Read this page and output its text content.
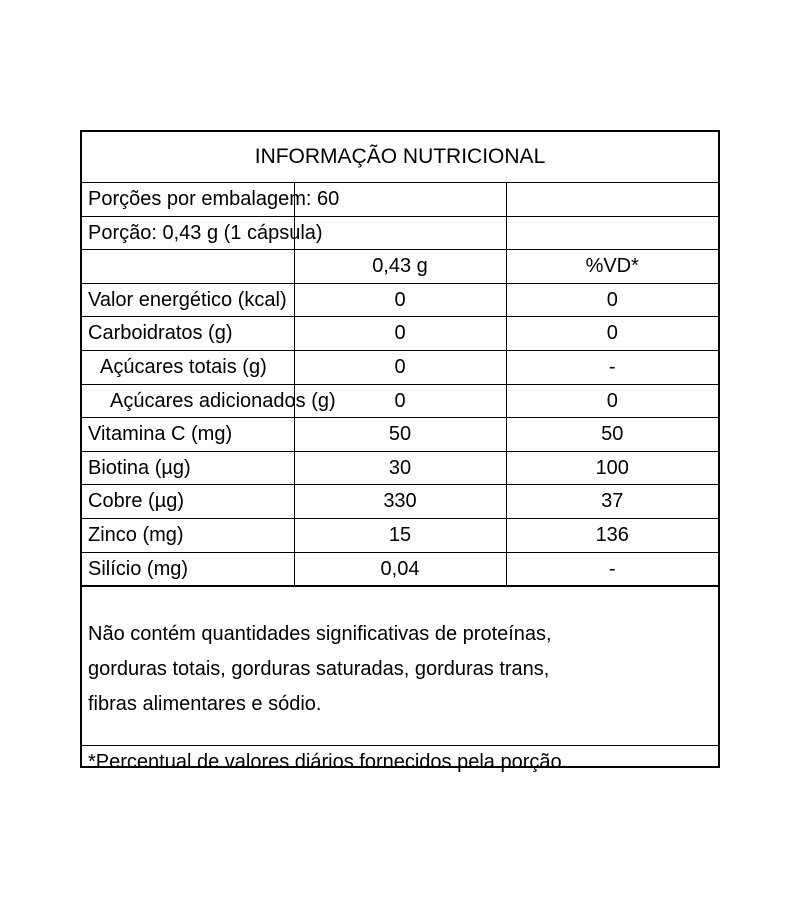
INFORMAÇÃO NUTRICIONAL		
Porções por embalagem: 60		
Porção: 0,43 g (1 cápsula)		
	0,43 g	%VD*
Valor energético (kcal)	0	0
Carboidratos (g)	0	0
Açúcares totais (g)	0	-
Açúcares adicionados (g)	0	0
Vitamina C (mg)	50	50
Biotina (µg)	30	100
Cobre (µg)	330	37
Zinco (mg)	15	136
Silício (mg)	0,04	-
Não contém quantidades significativas de proteínas,
gorduras totais, gorduras saturadas, gorduras trans,
fibras alimentares e sódio.
*Percentual de valores diários fornecidos pela porção.
